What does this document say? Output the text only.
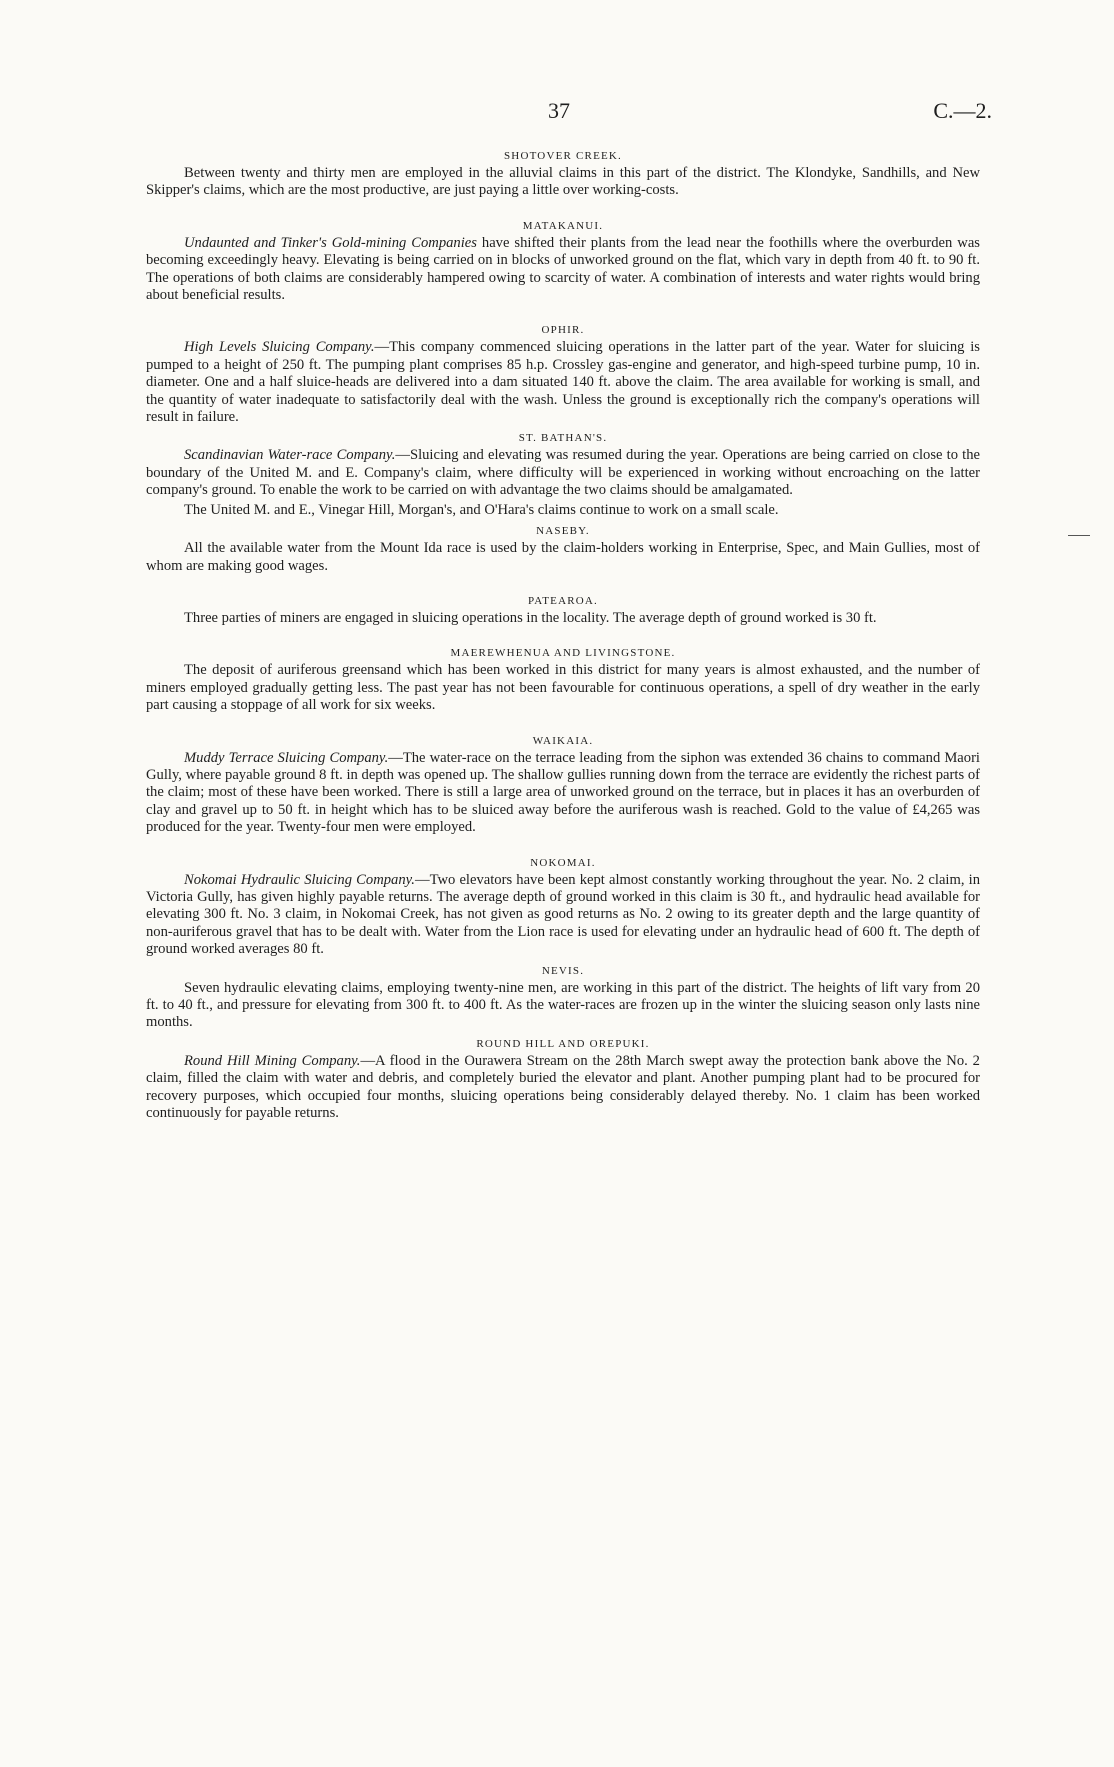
37	C.—2.
SHOTOVER CREEK.

Between twenty and thirty men are employed in the alluvial claims in this part of the district. The Klondyke, Sandhills, and New Skipper's claims, which are the most productive, are just paying a little over working-costs.

MATAKANUI.

Undaunted and Tinker's Gold-mining Companies have shifted their plants from the lead near the foothills where the overburden was becoming exceedingly heavy. Elevating is being carried on in blocks of unworked ground on the flat, which vary in depth from 40 ft. to 90 ft. The operations of both claims are considerably hampered owing to scarcity of water. A combination of interests and water rights would bring about beneficial results.

OPHIR.

High Levels Sluicing Company.—This company commenced sluicing operations in the latter part of the year. Water for sluicing is pumped to a height of 250 ft. The pumping plant comprises 85 h.p. Crossley gas-engine and generator, and high-speed turbine pump, 10 in. diameter. One and a half sluice-heads are delivered into a dam situated 140 ft. above the claim. The area available for working is small, and the quantity of water inadequate to satisfactorily deal with the wash. Unless the ground is exceptionally rich the company's operations will result in failure.

ST. BATHAN'S.

Scandinavian Water-race Company.—Sluicing and elevating was resumed during the year. Operations are being carried on close to the boundary of the United M. and E. Company's claim, where difficulty will be experienced in working without encroaching on the latter company's ground. To enable the work to be carried on with advantage the two claims should be amalgamated.

The United M. and E., Vinegar Hill, Morgan's, and O'Hara's claims continue to work on a small scale.

NASEBY.

All the available water from the Mount Ida race is used by the claim-holders working in Enterprise, Spec, and Main Gullies, most of whom are making good wages.

PATEAROA.

Three parties of miners are engaged in sluicing operations in the locality. The average depth of ground worked is 30 ft.

MAEREWHENUA AND LIVINGSTONE.

The deposit of auriferous greensand which has been worked in this district for many years is almost exhausted, and the number of miners employed gradually getting less. The past year has not been favourable for continuous operations, a spell of dry weather in the early part causing a stoppage of all work for six weeks.

WAIKAIA.

Muddy Terrace Sluicing Company.—The water-race on the terrace leading from the siphon was extended 36 chains to command Maori Gully, where payable ground 8 ft. in depth was opened up. The shallow gullies running down from the terrace are evidently the richest parts of the claim; most of these have been worked. There is still a large area of unworked ground on the terrace, but in places it has an overburden of clay and gravel up to 50 ft. in height which has to be sluiced away before the auriferous wash is reached. Gold to the value of £4,265 was produced for the year. Twenty-four men were employed.

NOKOMAI.

Nokomai Hydraulic Sluicing Company.—Two elevators have been kept almost constantly working throughout the year. No. 2 claim, in Victoria Gully, has given highly payable returns. The average depth of ground worked in this claim is 30 ft., and hydraulic head available for elevating 300 ft. No. 3 claim, in Nokomai Creek, has not given as good returns as No. 2 owing to its greater depth and the large quantity of non-auriferous gravel that has to be dealt with. Water from the Lion race is used for elevating under an hydraulic head of 600 ft. The depth of ground worked averages 80 ft.

NEVIS.

Seven hydraulic elevating claims, employing twenty-nine men, are working in this part of the district. The heights of lift vary from 20 ft. to 40 ft., and pressure for elevating from 300 ft. to 400 ft. As the water-races are frozen up in the winter the sluicing season only lasts nine months.

ROUND HILL AND OREPUKI.

Round Hill Mining Company.—A flood in the Ourawera Stream on the 28th March swept away the protection bank above the No. 2 claim, filled the claim with water and debris, and completely buried the elevator and plant. Another pumping plant had to be procured for recovery purposes, which occupied four months, sluicing operations being considerably delayed thereby. No. 1 claim has been worked continuously for payable returns.
